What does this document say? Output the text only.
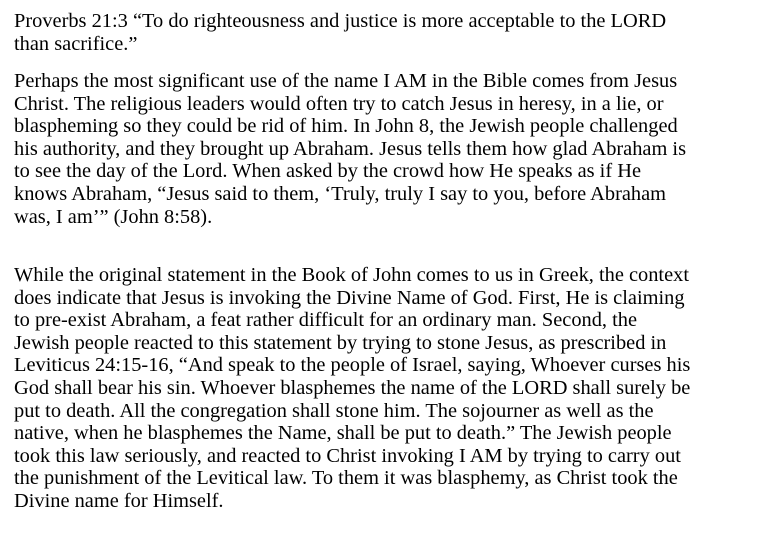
Proverbs 21:3 “To do righteousness and justice is more acceptable to the LORD
than sacrifice.”

Perhaps the most significant use of the name I AM in the Bible comes from Jesus
Christ. The religious leaders would often try to catch Jesus in heresy, in a lie, or
blaspheming so they could be rid of him. In John 8, the Jewish people challenged
his authority, and they brought up Abraham. Jesus tells them how glad Abraham is
to see the day of the Lord. When asked by the crowd how He speaks as if He
knows Abraham, “Jesus said to them, ‘Truly, truly I say to you, before Abraham
was, I am’” (John 8:58).

While the original statement in the Book of John comes to us in Greek, the context
does indicate that Jesus is invoking the Divine Name of God. First, He is claiming
to pre-exist Abraham, a feat rather difficult for an ordinary man. Second, the
Jewish people reacted to this statement by trying to stone Jesus, as prescribed in
Leviticus 24:15-16, “And speak to the people of Israel, saying, Whoever curses his
God shall bear his sin. Whoever blasphemes the name of the LORD shall surely be
put to death. All the congregation shall stone him. The sojourner as well as the
native, when he blasphemes the Name, shall be put to death.” The Jewish people
took this law seriously, and reacted to Christ invoking I AM by trying to carry out
the punishment of the Levitical law. To them it was blasphemy, as Christ took the
Divine name for Himself.
